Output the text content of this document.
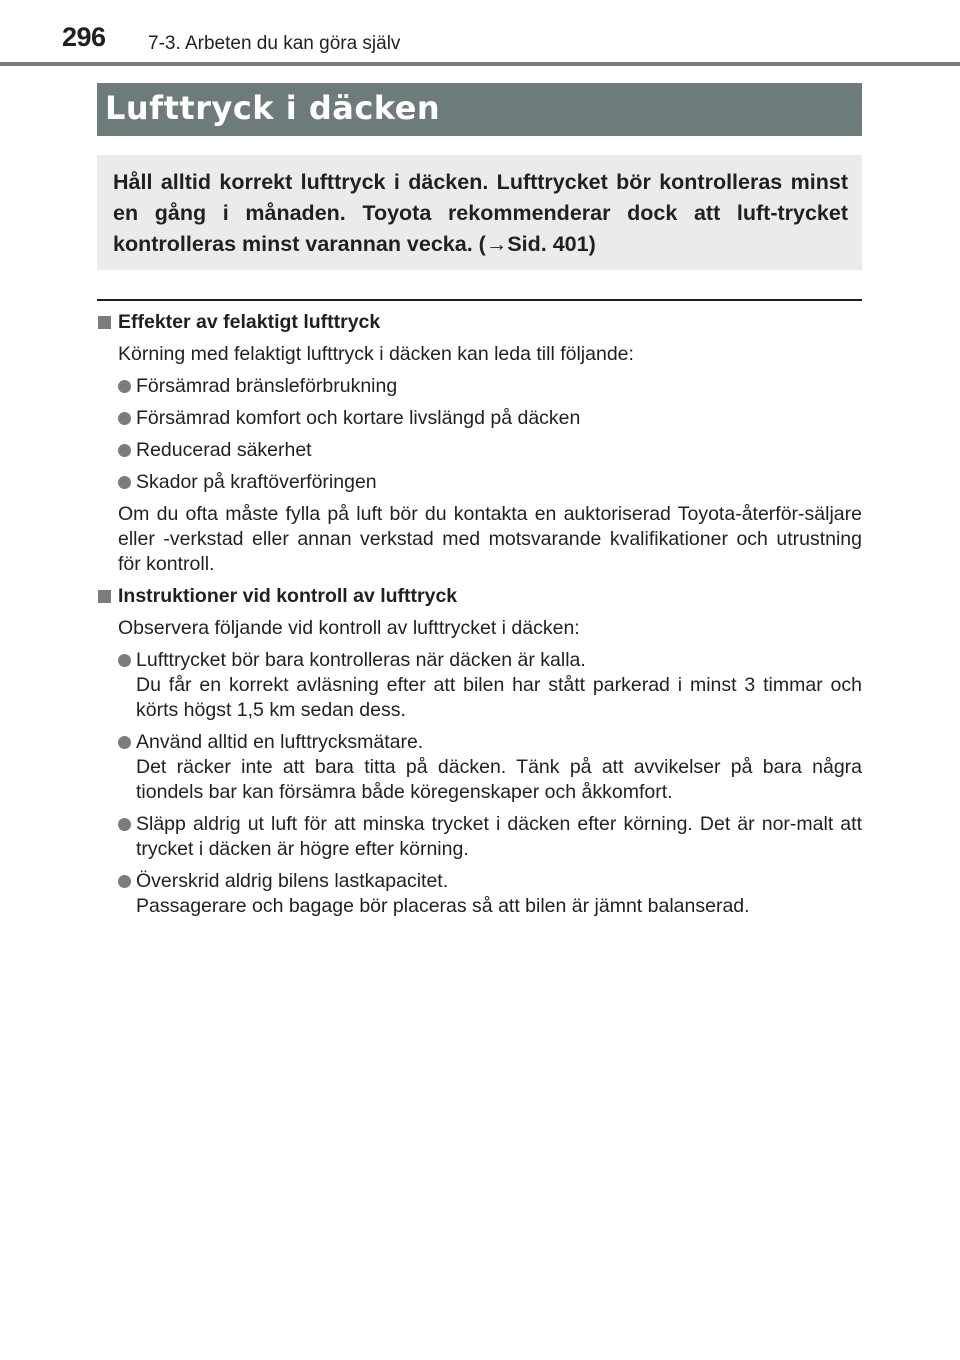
296 7-3. Arbeten du kan göra själv
Lufttryck i däcken
Håll alltid korrekt lufttryck i däcken. Lufttrycket bör kontrolleras minst en gång i månaden. Toyota rekommenderar dock att luft-trycket kontrolleras minst varannan vecka. (→Sid. 401)
Effekter av felaktigt lufttryck
Körning med felaktigt lufttryck i däcken kan leda till följande:
Försämrad bränsleförbrukning
Försämrad komfort och kortare livslängd på däcken
Reducerad säkerhet
Skador på kraftöverföringen
Om du ofta måste fylla på luft bör du kontakta en auktoriserad Toyota-återför-säljare eller -verkstad eller annan verkstad med motsvarande kvalifikationer och utrustning för kontroll.
Instruktioner vid kontroll av lufttryck
Observera följande vid kontroll av lufttrycket i däcken:
Lufttrycket bör bara kontrolleras när däcken är kalla.
Du får en korrekt avläsning efter att bilen har stått parkerad i minst 3 timmar och körts högst 1,5 km sedan dess.
Använd alltid en lufttrycksmätare.
Det räcker inte att bara titta på däcken. Tänk på att avvikelser på bara några tiondels bar kan försämra både köregenskaper och åkkomfort.
Släpp aldrig ut luft för att minska trycket i däcken efter körning. Det är nor-malt att trycket i däcken är högre efter körning.
Överskrid aldrig bilens lastkapacitet.
Passagerare och bagage bör placeras så att bilen är jämnt balanserad.
